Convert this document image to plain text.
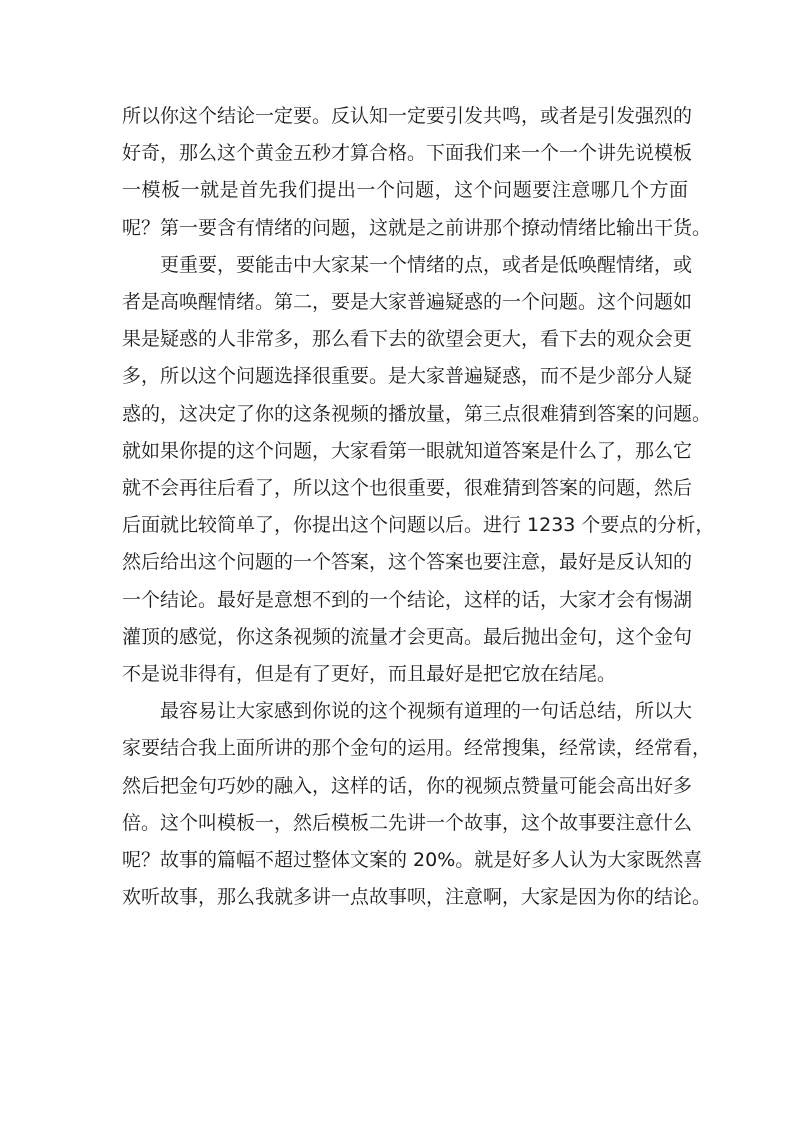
所以你这个结论一定要。反认知一定要引发共鸣，或者是引发强烈的
好奇，那么这个黄金五秒才算合格。下面我们来一个一个讲先说模板
一模板一就是首先我们提出一个问题，这个问题要注意哪几个方面
呢？第一要含有情绪的问题，这就是之前讲那个撩动情绪比输出干货。

更重要，要能击中大家某一个情绪的点，或者是低唤醒情绪，或
者是高唤醒情绪。第二，要是大家普遍疑惑的一个问题。这个问题如
果是疑惑的人非常多，那么看下去的欲望会更大，看下去的观众会更
多，所以这个问题选择很重要。是大家普遍疑惑，而不是少部分人疑
惑的，这决定了你的这条视频的播放量，第三点很难猜到答案的问题。
就如果你提的这个问题，大家看第一眼就知道答案是什么了，那么它
就不会再往后看了，所以这个也很重要，很难猜到答案的问题，然后
后面就比较简单了，你提出这个问题以后。进行 1233 个要点的分析，
然后给出这个问题的一个答案，这个答案也要注意，最好是反认知的
一个结论。最好是意想不到的一个结论，这样的话，大家才会有惕湖
灌顶的感觉，你这条视频的流量才会更高。最后抛出金句，这个金句
不是说非得有，但是有了更好，而且最好是把它放在结尾。

最容易让大家感到你说的这个视频有道理的一句话总结，所以大
家要结合我上面所讲的那个金句的运用。经常搜集，经常读，经常看，
然后把金句巧妙的融入，这样的话，你的视频点赞量可能会高出好多
倍。这个叫模板一，然后模板二先讲一个故事，这个故事要注意什么
呢？故事的篇幅不超过整体文案的 20%。就是好多人认为大家既然喜
欢听故事，那么我就多讲一点故事呗，注意啊，大家是因为你的结论。
